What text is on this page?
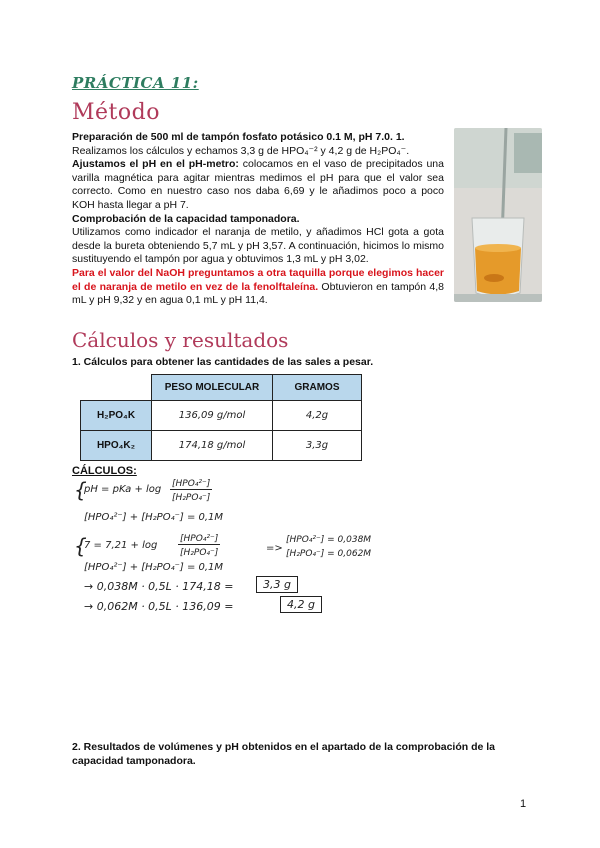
PRÁCTICA 11:
Método
Preparación de 500 ml de tampón fosfato potásico 0.1 M, pH 7.0. 1.
Realizamos los cálculos y echamos 3,3 g de HPO₄⁻² y 4,2 g de H₂PO₄⁻.
Ajustamos el pH en el pH-metro: colocamos en el vaso de precipitados una varilla magnética para agitar mientras medimos el pH para que el valor sea correcto. Como en nuestro caso nos daba 6,69 y le añadimos poco a poco KOH hasta llegar a pH 7.
Comprobación de la capacidad tamponadora.
Utilizamos como indicador el naranja de metilo, y añadimos HCl gota a gota desde la bureta obteniendo 5,7 mL y pH 3,57. A continuación, hicimos lo mismo sustituyendo el tampón por agua y obtuvimos 1,3 mL y pH 3,02.
Para el valor del NaOH preguntamos a otra taquilla porque elegimos hacer el de naranja de metilo en vez de la fenolftaleína. Obtuvieron en tampón 4,8 mL y pH 9,32 y en agua 0,1 mL y pH 11,4.
Cálculos y resultados
1. Cálculos para obtener las cantidades de las sales a pesar.
	PESO MOLECULAR	GRAMOS
H₂PO₄K	136,09 g/mol	4,2g
HPO₄K₂	174,18 g/mol	3,3g
CÁLCULOS:
{
pH = pKa + log [HPO₄²⁻]
[H₂PO₄⁻]
[HPO₄²⁻] + [H₂PO₄⁻] = 0,1M
{
7 = 7,21 + log
[HPO₄²⁻]
[H₂PO₄⁻]	=>
[HPO₄²⁻] = 0,038M
[H₂PO₄⁻] = 0,062M
[HPO₄²⁻] + [H₂PO₄⁻] = 0,1M
→ 0,038M · 0,5L · 174,18 =	3,3 g
→ 0,062M · 0,5L · 136,09 =	4,2 g
2. Resultados de volúmenes y pH obtenidos en el apartado de la comprobación de la capacidad tamponadora.
1
